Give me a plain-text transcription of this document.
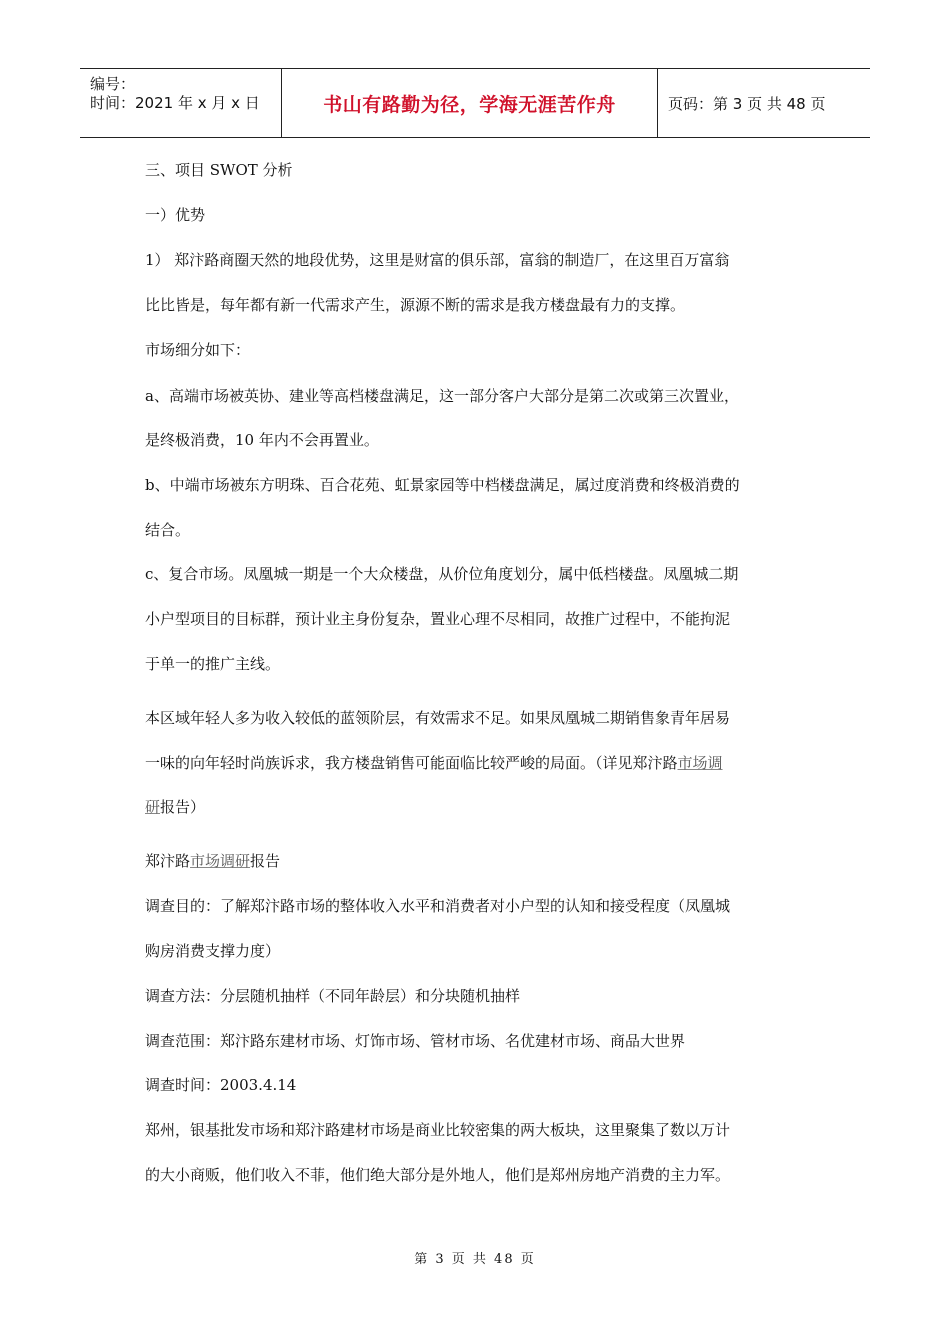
编号：
时间：2021 年 x 月 x 日	书山有路勤为径，学海无涯苦作舟	页码：第 3 页 共 48 页

三、项目 SWOT 分析

一）优势

1） 郑汴路商圈天然的地段优势，这里是财富的俱乐部，富翁的制造厂，在这里百万富翁

比比皆是，每年都有新一代需求产生，源源不断的需求是我方楼盘最有力的支撑。

市场细分如下：

a、高端市场被英协、建业等高档楼盘满足，这一部分客户大部分是第二次或第三次置业，

是终极消费，10 年内不会再置业。

b、中端市场被东方明珠、百合花苑、虹景家园等中档楼盘满足，属过度消费和终极消费的

结合。

c、复合市场。凤凰城一期是一个大众楼盘，从价位角度划分，属中低档楼盘。凤凰城二期

小户型项目的目标群，预计业主身份复杂，置业心理不尽相同，故推广过程中，不能拘泥

于单一的推广主线。

本区域年轻人多为收入较低的蓝领阶层，有效需求不足。如果凤凰城二期销售象青年居易

一味的向年轻时尚族诉求，我方楼盘销售可能面临比较严峻的局面。（详见郑汴路市场调

研报告）

郑汴路市场调研报告

调查目的：了解郑汴路市场的整体收入水平和消费者对小户型的认知和接受程度（凤凰城

购房消费支撑力度）

调查方法：分层随机抽样（不同年龄层）和分块随机抽样

调查范围：郑汴路东建材市场、灯饰市场、管材市场、名优建材市场、商品大世界

调查时间：2003.4.14

郑州，银基批发市场和郑汴路建材市场是商业比较密集的两大板块，这里聚集了数以万计

的大小商贩，他们收入不菲，他们绝大部分是外地人，他们是郑州房地产消费的主力军。

第 3 页 共 48 页
